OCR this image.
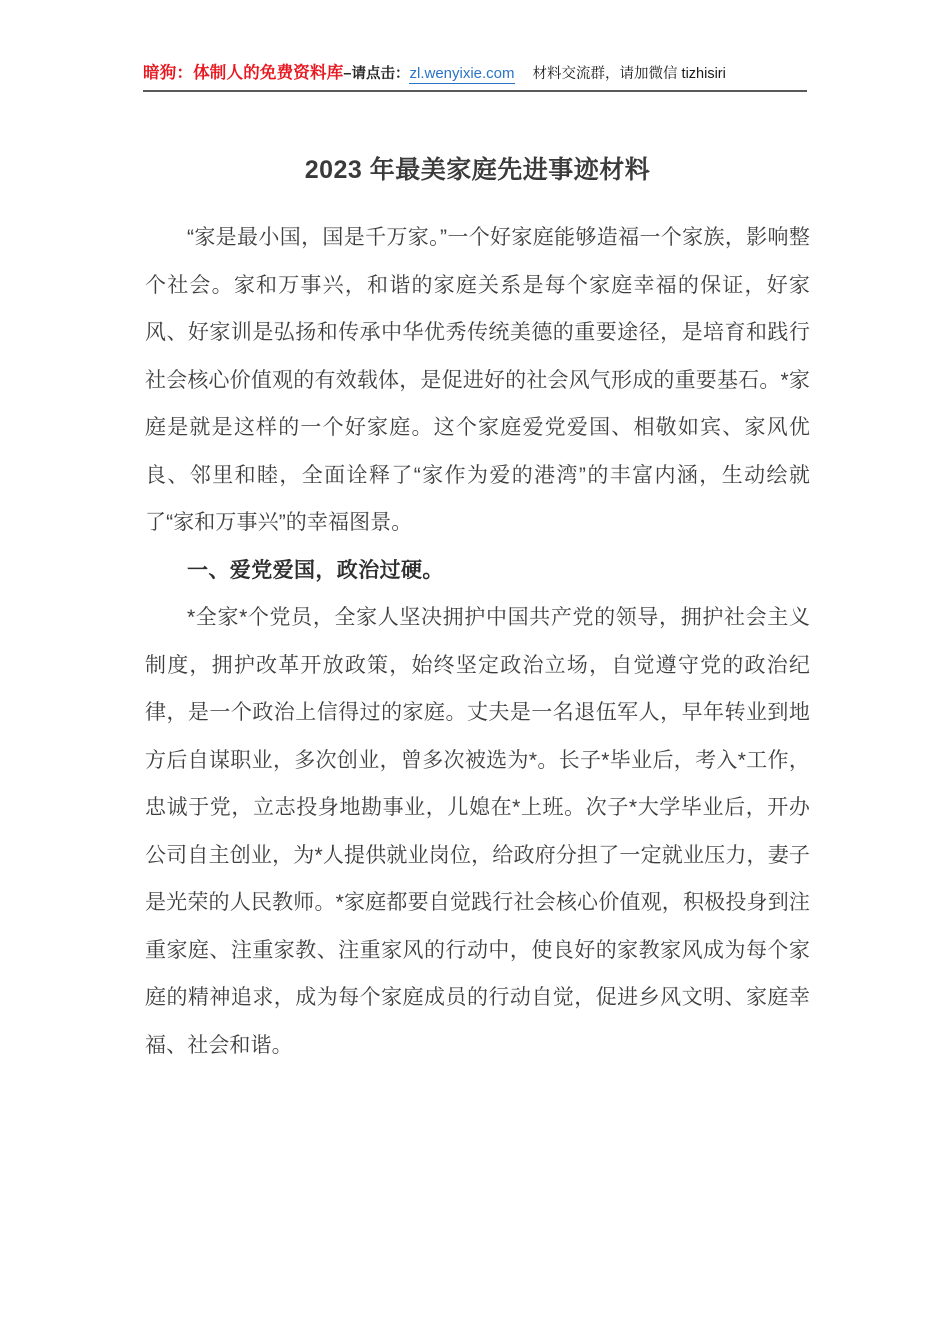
暗狗：体制人的免费资料库–请点击：zl.wenyixie.com 材料交流群，请加微信 tizhisiri
2023 年最美家庭先进事迹材料

“家是最小国，国是千万家。”一个好家庭能够造福一个家族，影响整个社会。家和万事兴，和谐的家庭关系是每个家庭幸福的保证，好家风、好家训是弘扬和传承中华优秀传统美德的重要途径，是培育和践行社会核心价值观的有效载体，是促进好的社会风气形成的重要基石。*家庭是就是这样的一个好家庭。这个家庭爱党爱国、相敬如宾、家风优良、邻里和睦，全面诠释了“家作为爱的港湾”的丰富内涵，生动绘就了“家和万事兴”的幸福图景。

一、爱党爱国，政治过硬。

*全家*个党员，全家人坚决拥护中国共产党的领导，拥护社会主义制度，拥护改革开放政策，始终坚定政治立场，自觉遵守党的政治纪律，是一个政治上信得过的家庭。丈夫是一名退伍军人，早年转业到地方后自谋职业，多次创业，曾多次被选为*。长子*毕业后，考入*工作，忠诚于党，立志投身地勘事业，儿媳在*上班。次子*大学毕业后，开办公司自主创业，为*人提供就业岗位，给政府分担了一定就业压力，妻子是光荣的人民教师。*家庭都要自觉践行社会核心价值观，积极投身到注重家庭、注重家教、注重家风的行动中，使良好的家教家风成为每个家庭的精神追求，成为每个家庭成员的行动自觉，促进乡风文明、家庭幸福、社会和谐。
